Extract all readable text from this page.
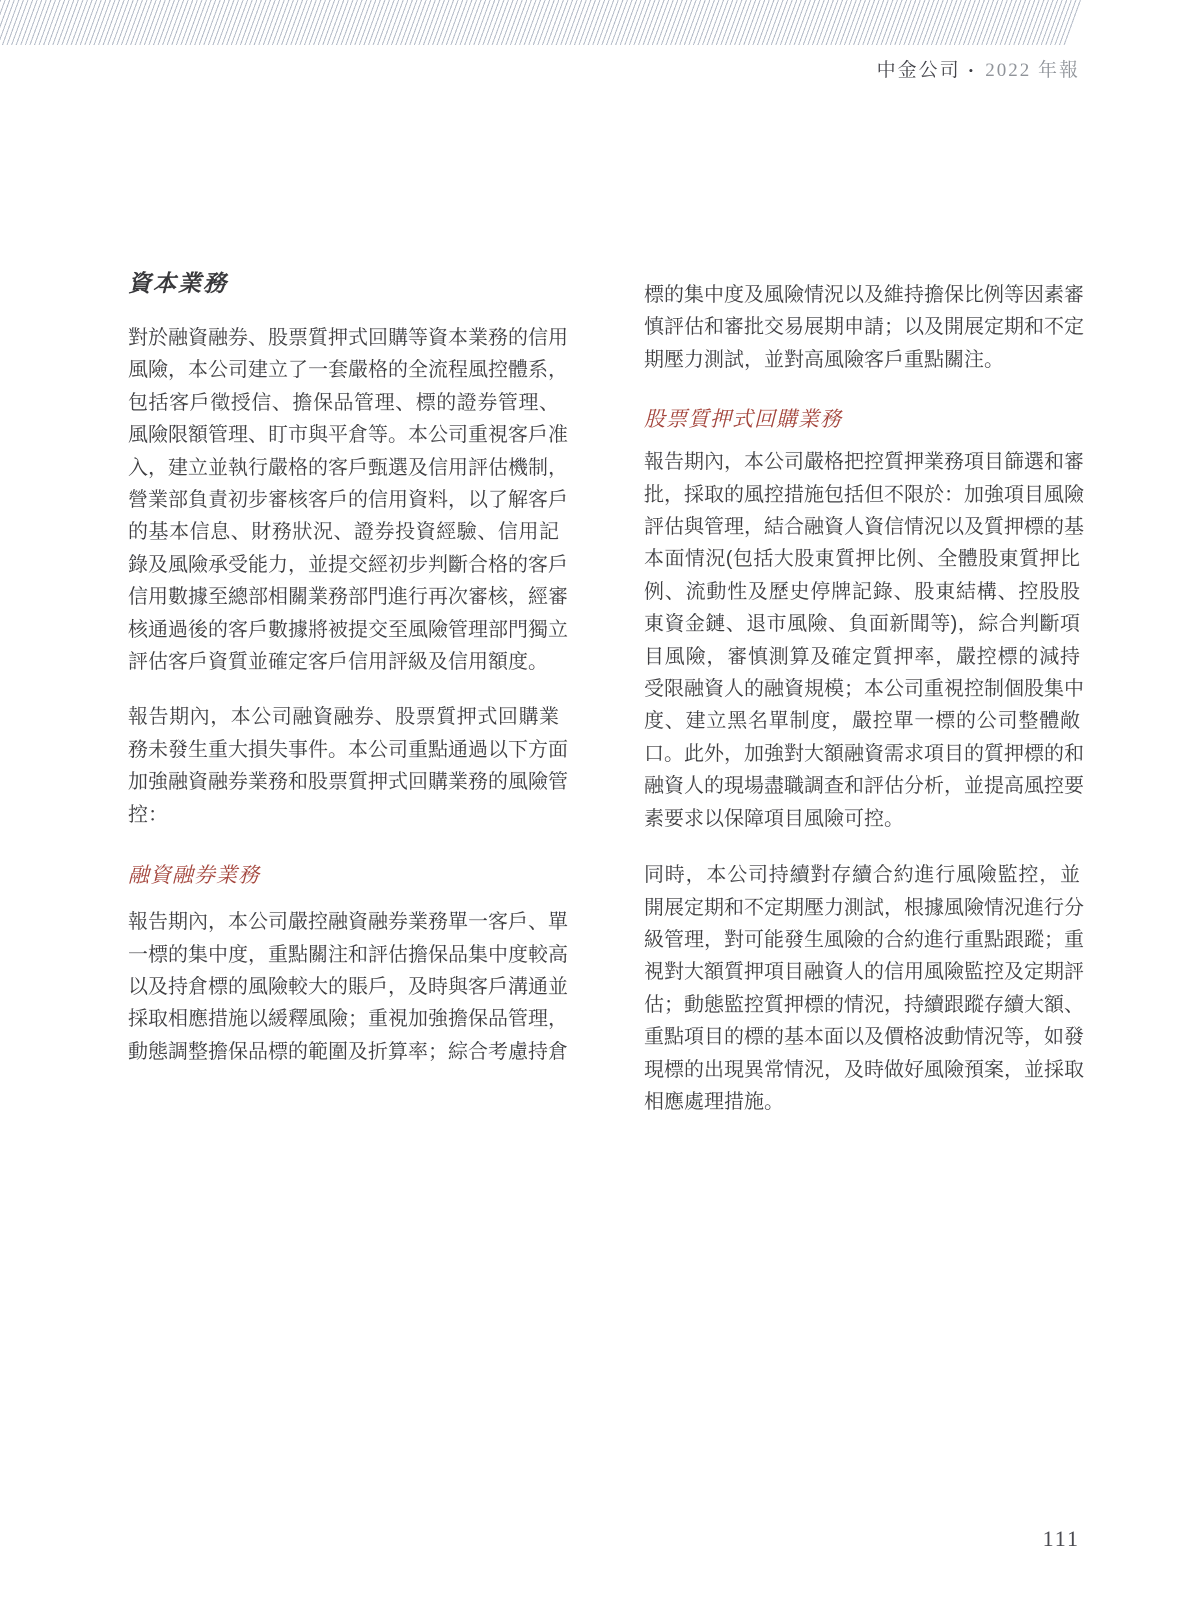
中金公司 • 2022 年報
資本業務
對於融資融券、股票質押式回購等資本業務的信用
風險，本公司建立了一套嚴格的全流程風控體系，
包括客戶徵授信、擔保品管理、標的證券管理、
風險限額管理、盯市與平倉等。本公司重視客戶准
入，建立並執行嚴格的客戶甄選及信用評估機制，
營業部負責初步審核客戶的信用資料，以了解客戶
的基本信息、財務狀況、證券投資經驗、信用記
錄及風險承受能力，並提交經初步判斷合格的客戶
信用數據至總部相關業務部門進行再次審核，經審
核通過後的客戶數據將被提交至風險管理部門獨立
評估客戶資質並確定客戶信用評級及信用額度。
報告期內，本公司融資融券、股票質押式回購業
務未發生重大損失事件。本公司重點通過以下方面
加強融資融券業務和股票質押式回購業務的風險管
控：
融資融券業務
報告期內，本公司嚴控融資融券業務單一客戶、單
一標的集中度，重點關注和評估擔保品集中度較高
以及持倉標的風險較大的賬戶，及時與客戶溝通並
採取相應措施以緩釋風險；重視加強擔保品管理，
動態調整擔保品標的範圍及折算率；綜合考慮持倉
標的集中度及風險情況以及維持擔保比例等因素審
慎評估和審批交易展期申請；以及開展定期和不定
期壓力測試，並對高風險客戶重點關注。
股票質押式回購業務
報告期內，本公司嚴格把控質押業務項目篩選和審
批，採取的風控措施包括但不限於：加強項目風險
評估與管理，結合融資人資信情況以及質押標的基
本面情況(包括大股東質押比例、全體股東質押比
例、流動性及歷史停牌記錄、股東結構、控股股
東資金鏈、退市風險、負面新聞等)，綜合判斷項
目風險，審慎測算及確定質押率，嚴控標的減持
受限融資人的融資規模；本公司重視控制個股集中
度、建立黑名單制度，嚴控單一標的公司整體敞
口。此外，加強對大額融資需求項目的質押標的和
融資人的現場盡職調查和評估分析，並提高風控要
素要求以保障項目風險可控。
同時，本公司持續對存續合約進行風險監控，並
開展定期和不定期壓力測試，根據風險情況進行分
級管理，對可能發生風險的合約進行重點跟蹤；重
視對大額質押項目融資人的信用風險監控及定期評
估；動態監控質押標的情況，持續跟蹤存續大額、
重點項目的標的基本面以及價格波動情況等，如發
現標的出現異常情況，及時做好風險預案，並採取
相應處理措施。
111
